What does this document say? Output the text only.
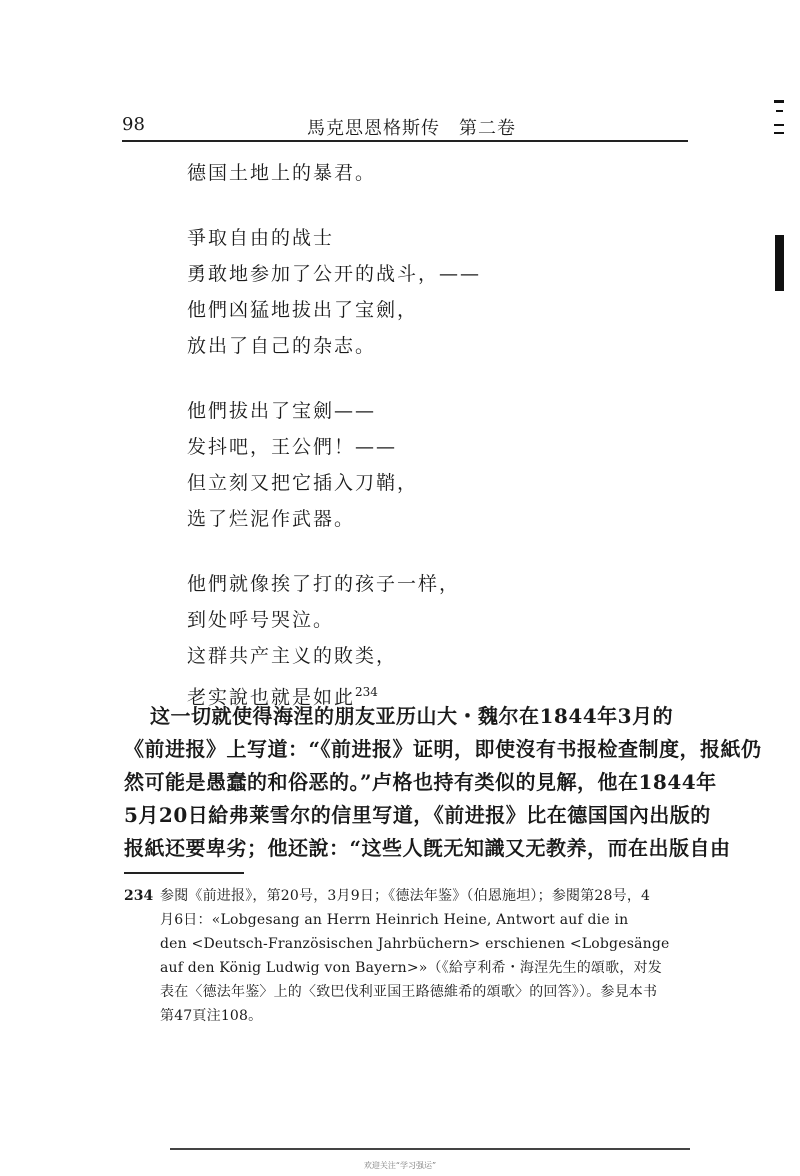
98	馬克思恩格斯传　第二卷
德国土地上的暴君。
爭取自由的战士
勇敢地参加了公开的战斗，——
他們凶猛地拔出了宝劍，
放出了自己的杂志。
他們拔出了宝劍——
发抖吧，王公們！——
但立刻又把它插入刀鞘，
选了烂泥作武器。
他們就像挨了打的孩子一样，
到处呼号哭泣。
这群共产主义的敗类，
老实說也就是如此$^{234}$
这一切就使得海涅的朋友亚历山大・魏尔在1844年3月的
《前进报》上写道：“《前进报》证明，即使沒有书报检查制度，报紙仍
然可能是愚蠢的和俗恶的。”卢格也持有类似的見解，他在1844年
5月20日給弗莱雪尔的信里写道，《前进报》比在德国国內出版的
报紙还要卑劣；他还說：“这些人旣无知識又无教养，而在出版自由
234 参閱《前进报》，第20号，3月9日；《德法年鉴》（伯恩施坦）；参閱第28号，4
月6日：«Lobgesang an Herrn Heinrich Heine, Antwort auf die in
den <Deutsch-Französischen Jahrbüchern> erschienen <Lobgesänge
auf den König Ludwig von Bayern>»（《給亨利希・海涅先生的頌歌，对发
表在〈德法年鉴〉上的〈致巴伐利亚国王路德維希的頌歌〉的回答》）。参見本书
第47頁注108。
欢迎关注“学习强运”
